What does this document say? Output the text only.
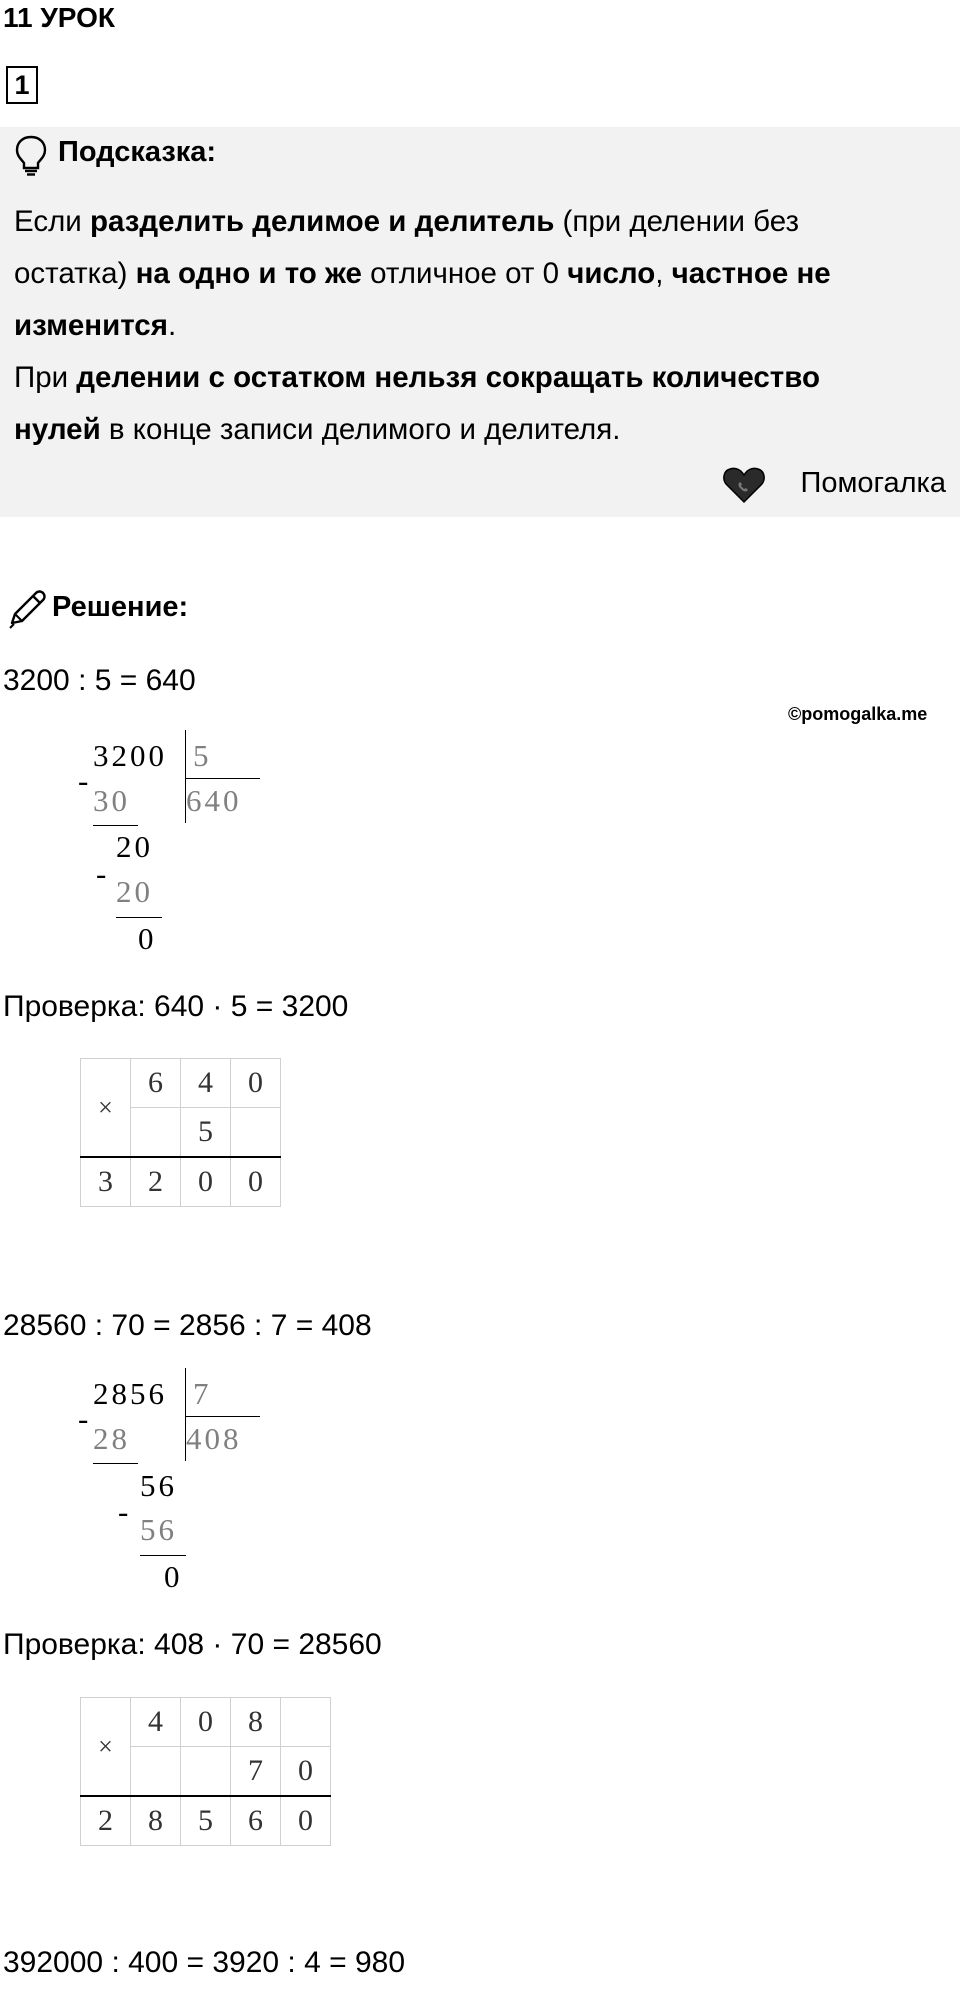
11 УРОК
1
Подсказка:
Если разделить делимое и делитель (при делении без
остатка) на одно и то же отличное от 0 число, частное не
изменится.
При делении с остатком нельзя сокращать количество
нулей в конце записи делимого и делителя.
Помогалка
Решение:
3200 : 5 = 640
©pomogalka.me
3200 5
640
-
30
20
-
20
0
Проверка: 640 · 5 = 3200
×	6	4	0
		5	
3	2	0	0
28560 : 70 = 2856 : 7 = 408
2856 7
408
-
28
56
-
56
0
Проверка: 408 · 70 = 28560
×	4	0	8	
			7	0
2	8	5	6	0
392000 : 400 = 3920 : 4 = 980
